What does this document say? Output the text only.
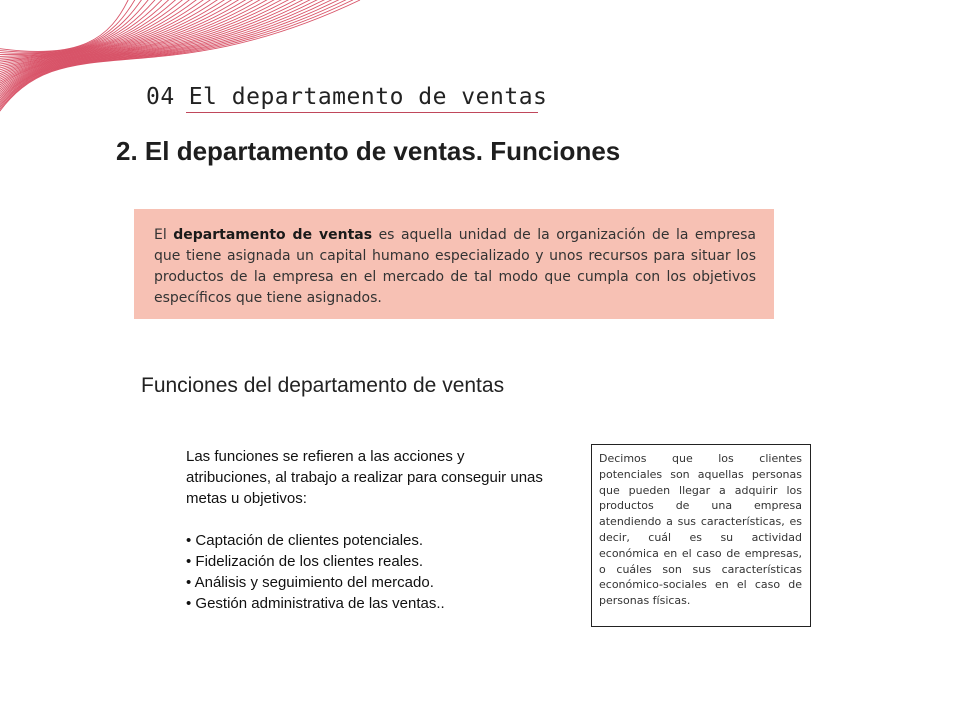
04 El departamento de ventas
2. El departamento de ventas. Funciones
El departamento de ventas es aquella unidad de la organización de la empresa que tiene asignada un capital humano especializado y unos recursos para situar los productos de la empresa en el mercado de tal modo que cumpla con los objetivos específicos que tiene asignados.
Funciones del departamento de ventas

Las funciones se refieren a las acciones y atribuciones, al trabajo a realizar para conseguir unas metas u objetivos:

• Captación de clientes potenciales.
• Fidelización de los clientes reales.
• Análisis y seguimiento del mercado.
• Gestión administrativa de las ventas..
Decimos que los clientes potenciales son aquellas personas que pueden llegar a adquirir los productos de una empresa atendiendo a sus características, es decir, cuál es su actividad económica en el caso de empresas, o cuáles son sus características económico-sociales en el caso de personas físicas.
